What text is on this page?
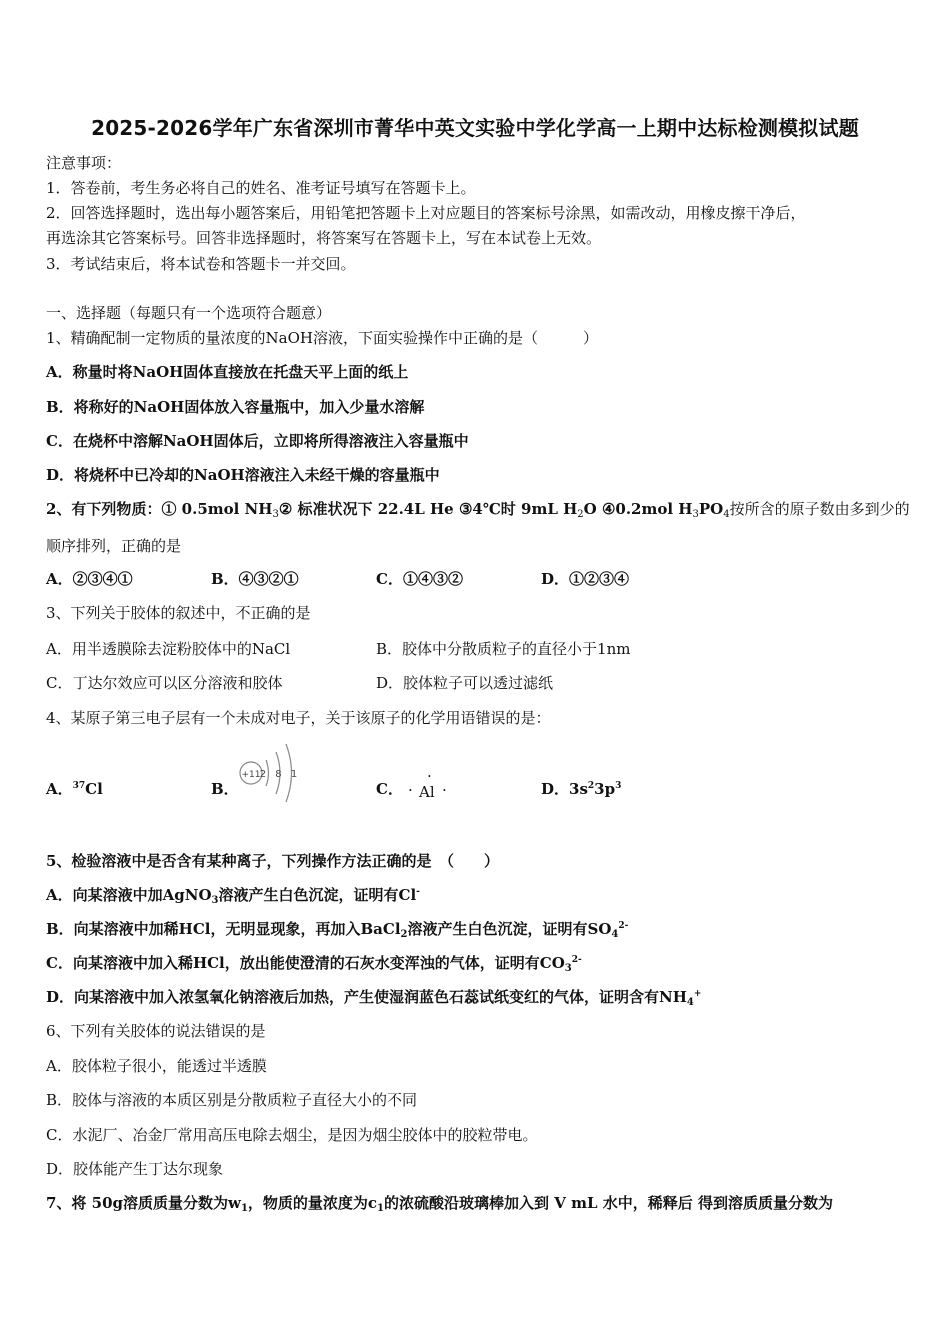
2025-2026学年广东省深圳市菁华中英文实验中学化学高一上期中达标检测模拟试题
注意事项：
1．答卷前，考生务必将自己的姓名、准考证号填写在答题卡上。
2．回答选择题时，选出每小题答案后，用铅笔把答题卡上对应题目的答案标号涂黑，如需改动，用橡皮擦干净后，
再选涂其它答案标号。回答非选择题时，将答案写在答题卡上，写在本试卷上无效。
3．考试结束后，将本试卷和答题卡一并交回。
一、选择题（每题只有一个选项符合题意）
1、精确配制一定物质的量浓度的NaOH溶液，下面实验操作中正确的是（　　　）
A．称量时将NaOH固体直接放在托盘天平上面的纸上
B．将称好的NaOH固体放入容量瓶中，加入少量水溶解
C．在烧杯中溶解NaOH固体后，立即将所得溶液注入容量瓶中
D．将烧杯中已冷却的NaOH溶液注入未经干燥的容量瓶中
2、有下列物质：① 0.5mol $NH_3②$ 标准状况下 22.4L He ③4℃时 9mL $H_2O$ ④0.2mol $H_3PO_4$按所含的原子数由多到少的
顺序排列，正确的是
A．②③④①	B．④③②①	C．①④③②	D．①②③④
3、下列关于胶体的叙述中，不正确的是
A．用半透膜除去淀粉胶体中的NaCl	B．胶体中分散质粒子的直径小于1nm
C．丁达尔效应可以区分溶液和胶体	D．胶体粒子可以透过滤纸
4、某原子第三电子层有一个未成对电子，关于该原子的化学用语错误的是：
A．$^{37}$Cl	B．
+11 2 8 1
C．
·
· Al ·	D．$3s^23p^3$
5、检验溶液中是否含有某种离子，下列操作方法正确的是　（　　）
A．向某溶液中加AgNO$_3$溶液产生白色沉淀，证明有Cl-
B．向某溶液中加稀HCl，无明显现象，再加入BaCl$_2$溶液产生白色沉淀，证明有$SO_4^{2-}$
C．向某溶液中加入稀HCl，放出能使澄清的石灰水变浑浊的气体，证明有$CO_3^{2-}$
D．向某溶液中加入浓氢氧化钠溶液后加热，产生使湿润蓝色石蕊试纸变红的气体，证明含有$NH_4^+$
6、下列有关胶体的说法错误的是
A．胶体粒子很小，能透过半透膜
B．胶体与溶液的本质区别是分散质粒子直径大小的不同
C．水泥厂、冶金厂常用高压电除去烟尘，是因为烟尘胶体中的胶粒带电。
D．胶体能产生丁达尔现象
7、将 50g溶质质量分数为$w_1$，物质的量浓度为$c_1$的浓硫酸沿玻璃棒加入到 V mL 水中，稀释后 得到溶质质量分数为
